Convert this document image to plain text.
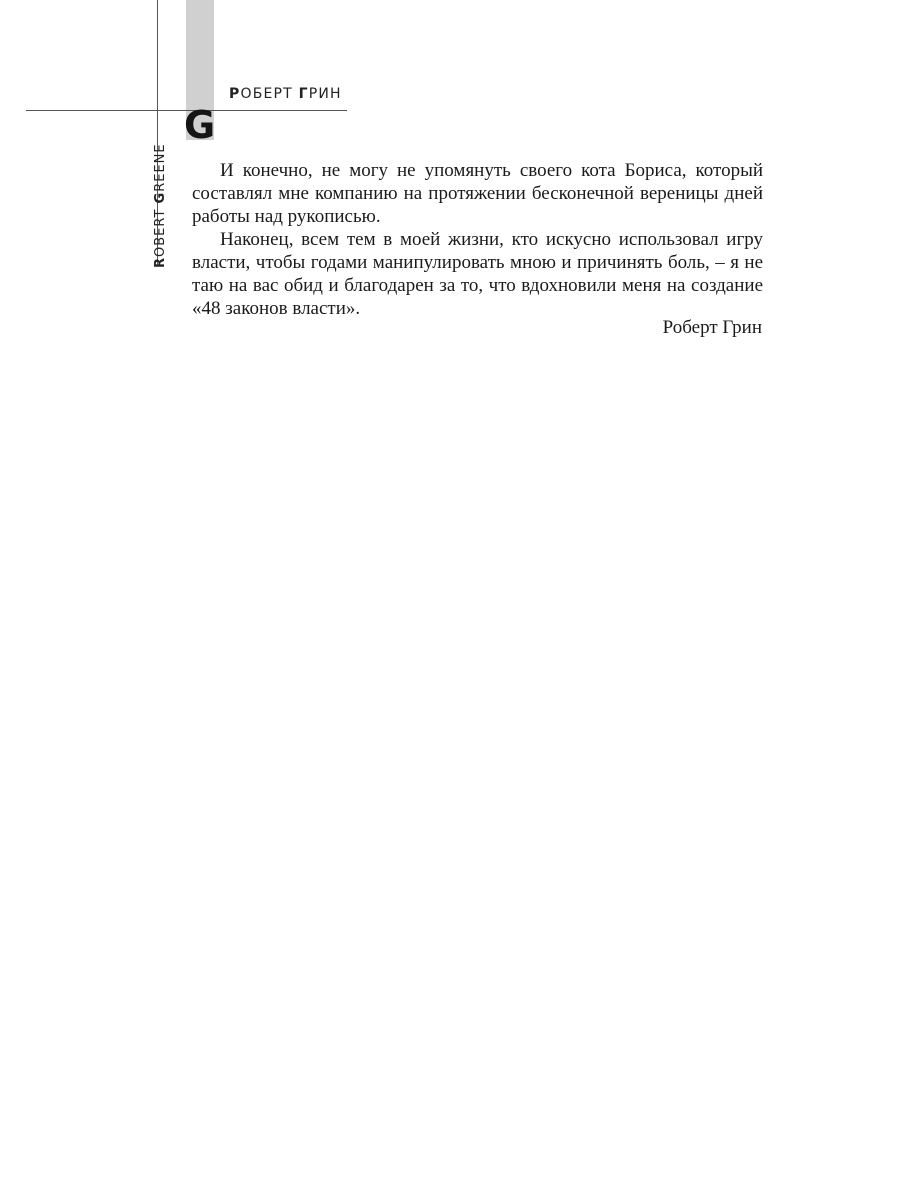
РОБЕРТ ГРИН
G
ROBERT GREENE	И конечно, не могу не упомянуть своего кота Бориса, который составлял мне компанию на протяжении бесконечной вереницы дней работы над рукописью.

Наконец, всем тем в моей жизни, кто искусно использовал игру власти, чтобы годами манипулировать мною и причинять боль, – я не таю на вас обид и благодарен за то, что вдохновили меня на создание «48 законов власти».

Роберт Грин
